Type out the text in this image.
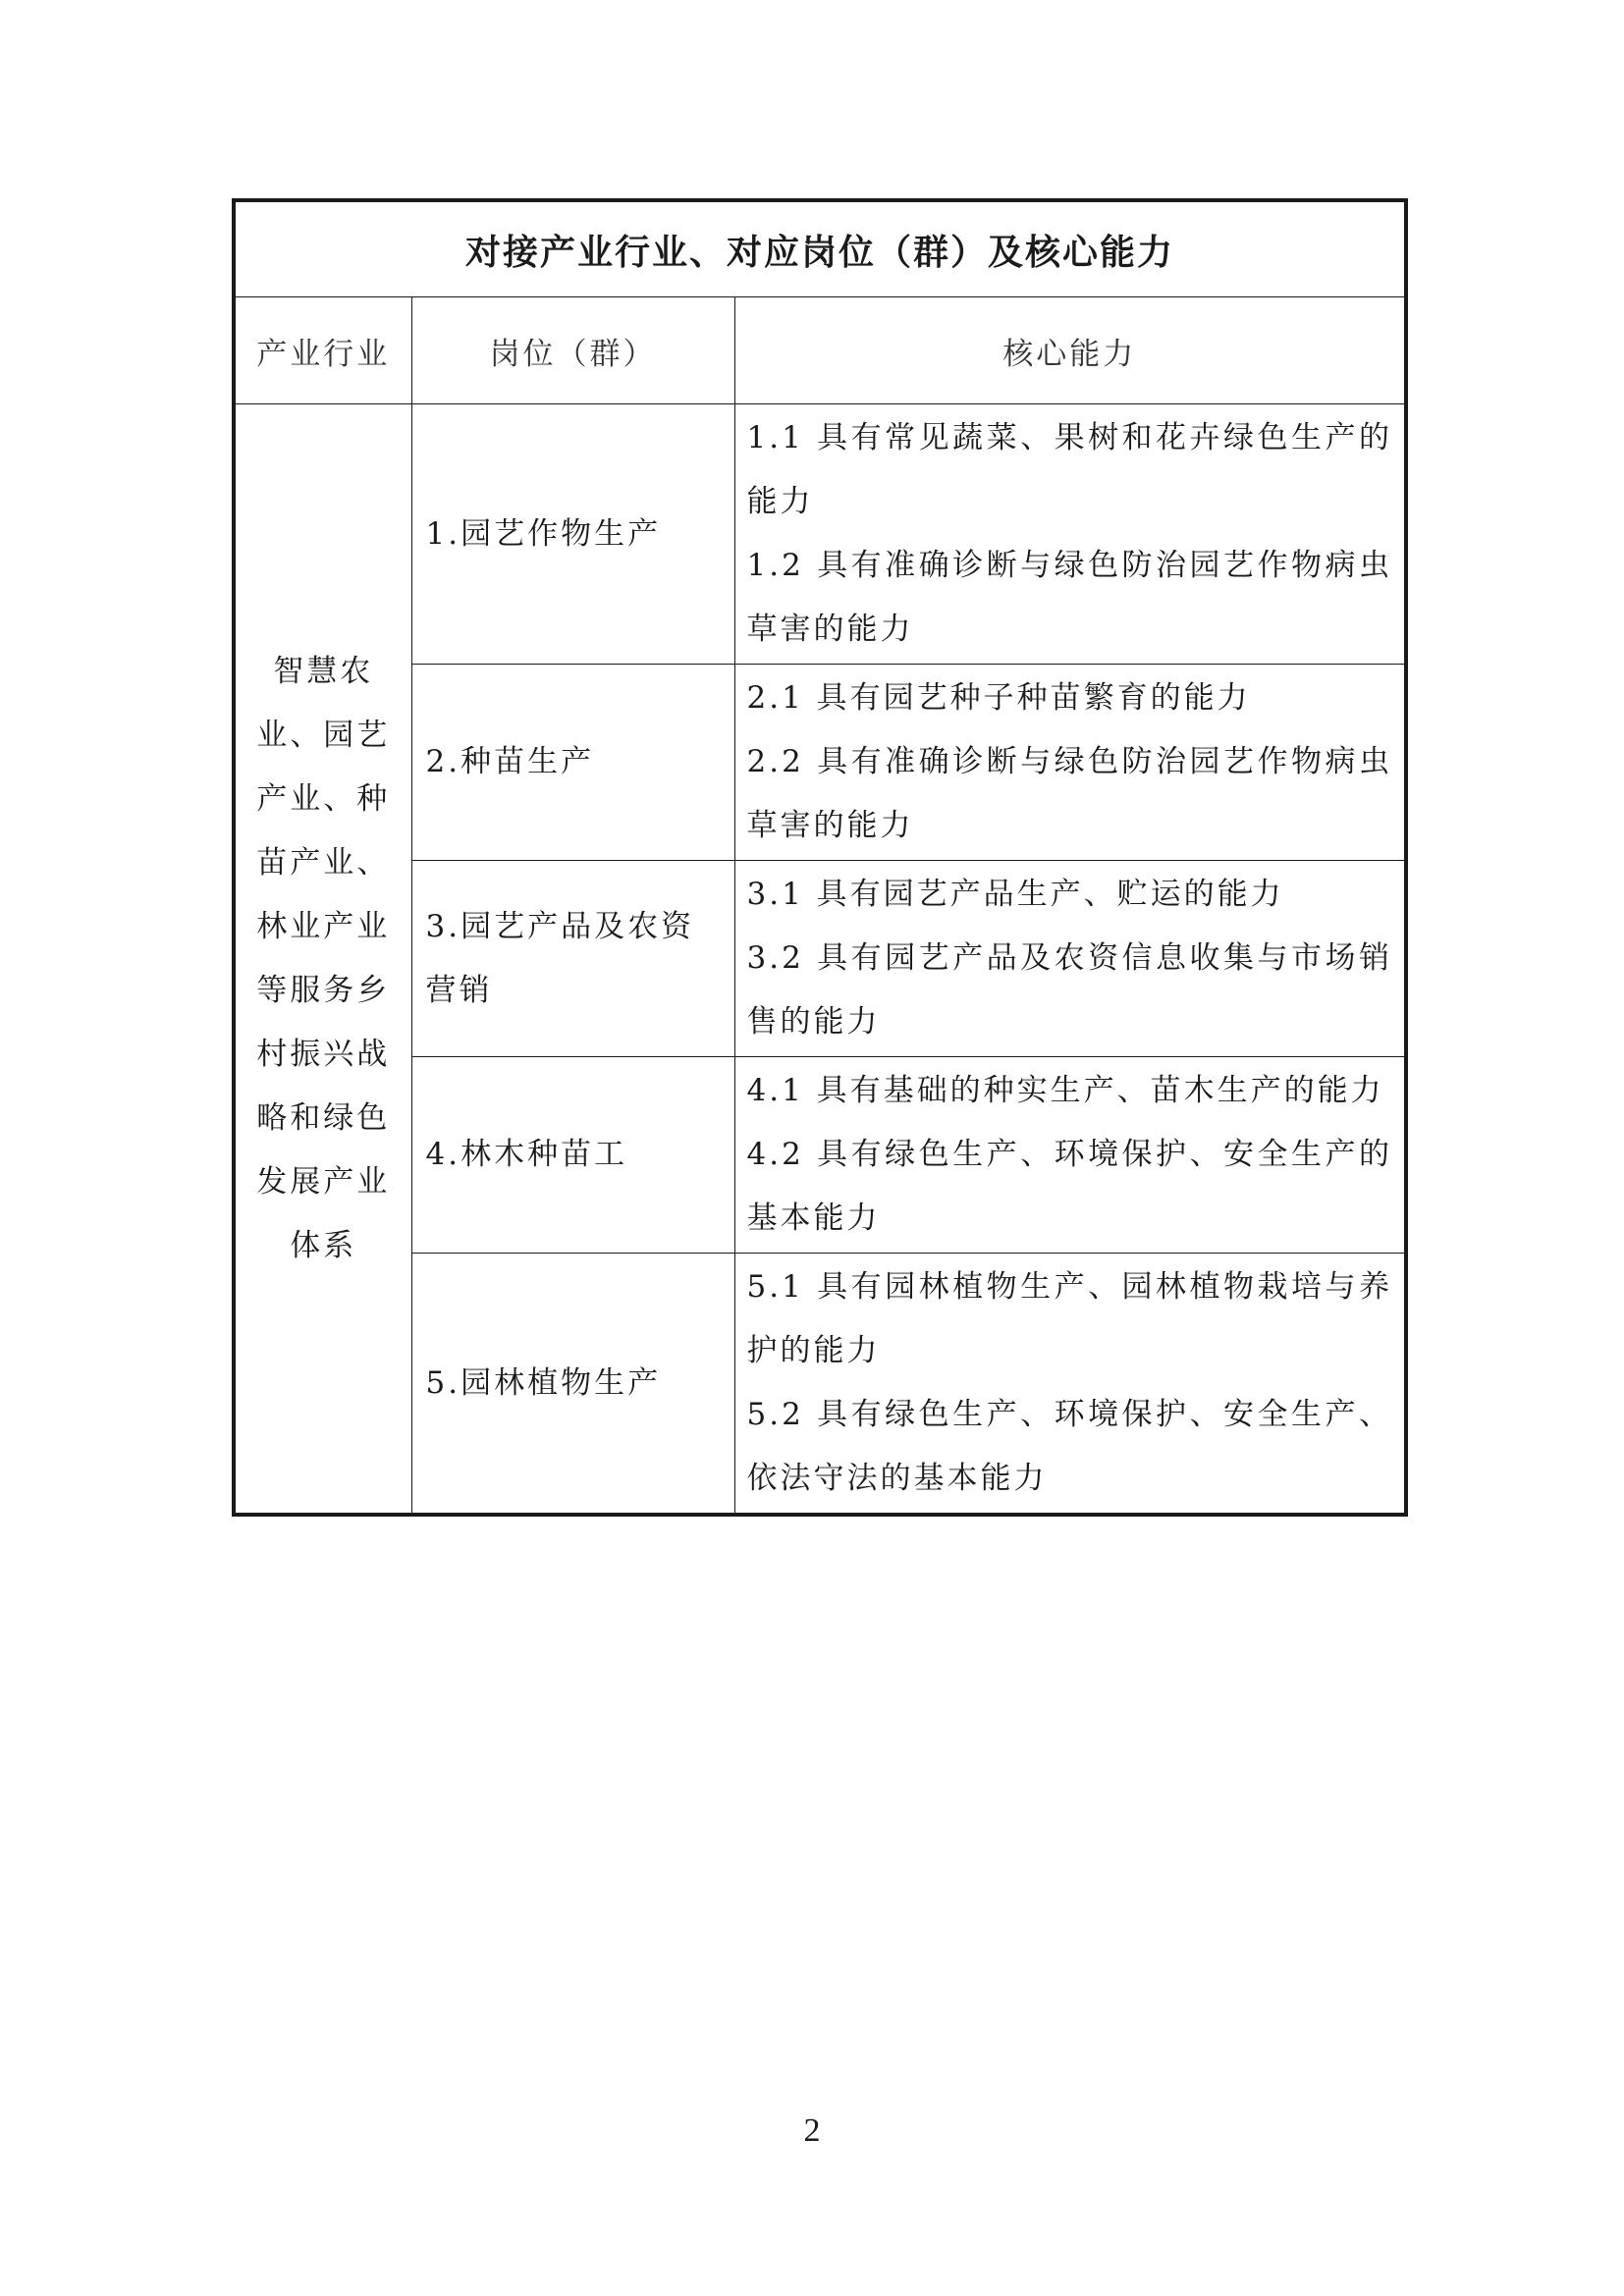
对接产业行业、对应岗位（群）及核心能力		
产业行业	岗位（群）	核心能力
智慧农业、园艺产业、种苗产业、林业产业等服务乡村振兴战略和绿色发展产业体系	1.园艺作物生产	1.1 具有常见蔬菜、果树和花卉绿色生产的能力
1.2 具有准确诊断与绿色防治园艺作物病虫草害的能力

	2.种苗生产	2.1 具有园艺种子种苗繁育的能力
2.2 具有准确诊断与绿色防治园艺作物病虫草害的能力

	3.园艺产品及农资营销	3.1 具有园艺产品生产、贮运的能力
3.2 具有园艺产品及农资信息收集与市场销售的能力

	4.林木种苗工	4.1 具有基础的种实生产、苗木生产的能力
4.2 具有绿色生产、环境保护、安全生产的基本能力

	5.园林植物生产	5.1 具有园林植物生产、园林植物栽培与养护的能力
5.2 具有绿色生产、环境保护、安全生产、依法守法的基本能力
2
